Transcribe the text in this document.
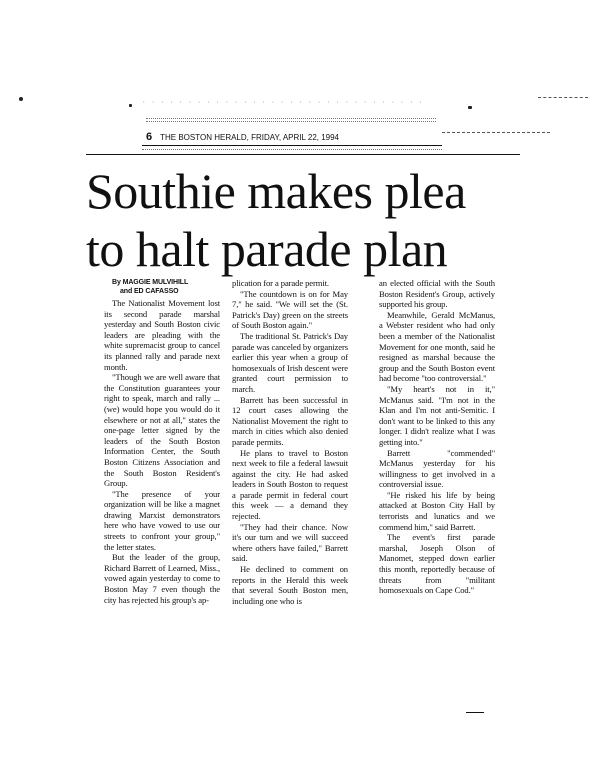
· · · · · · · · · · · · · · · · · · · · · · · · · · · · · · ·
6 THE BOSTON HERALD, FRIDAY, APRIL 22, 1994
Southie makes plea
to halt parade plan
By MAGGIE MULVIHILL
and ED CAFASSO

The Nationalist Movement lost its second parade marshal yesterday and South Boston civic leaders are pleading with the white supremacist group to cancel its planned rally and parade next month.

"Though we are well aware that the Constitution guarantees your right to speak, march and rally ... (we) would hope you would do it elsewhere or not at all," states the one-page letter signed by the leaders of the South Boston Information Center, the South Boston Citizens Association and the South Boston Resident's Group.

"The presence of your organization will be like a magnet drawing Marxist demonstrators here who have vowed to use our streets to confront your group," the letter states.

But the leader of the group, Richard Barrett of Learned, Miss., vowed again yesterday to come to Boston May 7 even though the city has rejected his group's ap-

plication for a parade permit.

"The countdown is on for May 7," he said. "We will set the (St. Patrick's Day) green on the streets of South Boston again."

The traditional St. Patrick's Day parade was canceled by organizers earlier this year when a group of homosexuals of Irish descent were granted court permission to march.

Barrett has been successful in 12 court cases allowing the Nationalist Movement the right to march in cities which also denied parade permits.

He plans to travel to Boston next week to file a federal lawsuit against the city. He had asked leaders in South Boston to request a parade permit in federal court this week — a demand they rejected.

"They had their chance. Now it's our turn and we will succeed where others have failed," Barrett said.

He declined to comment on reports in the Herald this week that several South Boston men, including one who is

an elected official with the South Boston Resident's Group, actively supported his group.

Meanwhile, Gerald McManus, a Webster resident who had only been a member of the Nationalist Movement for one month, said he resigned as marshal because the group and the South Boston event had become "too controversial."

"My heart's not in it," McManus said. "I'm not in the Klan and I'm not anti-Semitic. I don't want to be linked to this any longer. I didn't realize what I was getting into."

Barrett "commended" McManus yesterday for his willingness to get involved in a controversial issue.

"He risked his life by being attacked at Boston City Hall by terrorists and lunatics and we commend him," said Barrett.

The event's first parade marshal, Joseph Olson of Manomet, stepped down earlier this month, reportedly because of threats from "militant homosexuals on Cape Cod."
